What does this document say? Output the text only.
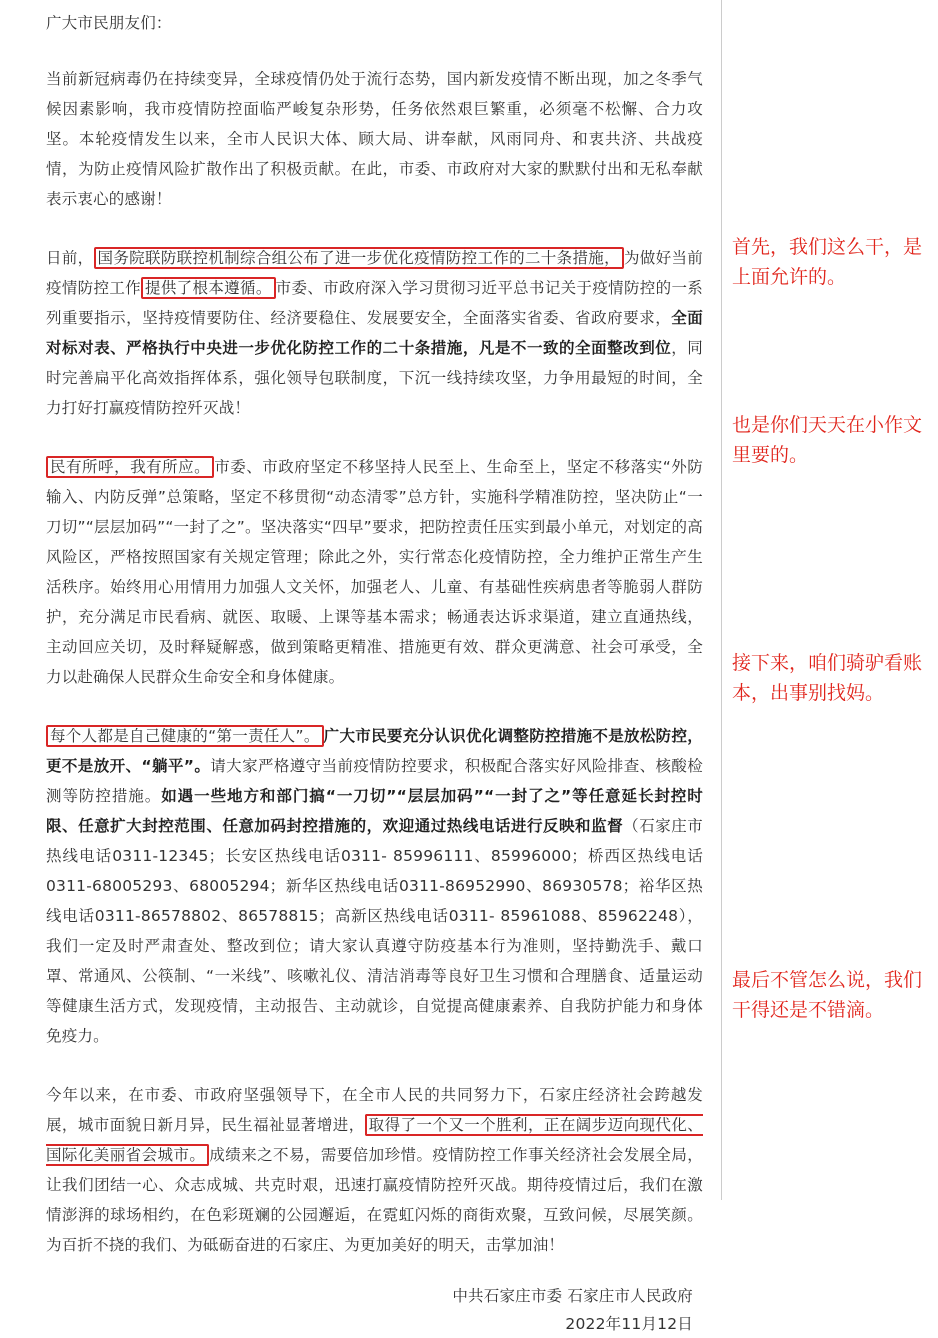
广大市民朋友们：

当前新冠病毒仍在持续变异，全球疫情仍处于流行态势，国内新发疫情不断出现，加之冬季气候因素影响，我市疫情防控面临严峻复杂形势，任务依然艰巨繁重，必须毫不松懈、合力攻坚。本轮疫情发生以来，全市人民识大体、顾大局、讲奉献，风雨同舟、和衷共济、共战疫情，为防止疫情风险扩散作出了积极贡献。在此，市委、市政府对大家的默默付出和无私奉献表示衷心的感谢！

日前， 国务院联防联控机制综合组公布了进一步优化疫情防控工作的二十条措施， 为做好当前疫情防控工作 提供了根本遵循。 市委、市政府深入学习贯彻习近平总书记关于疫情防控的一系列重要指示，坚持疫情要防住、经济要稳住、发展要安全，全面落实省委、省政府要求，全面对标对表、严格执行中央进一步优化防控工作的二十条措施，凡是不一致的全面整改到位，同时完善扁平化高效指挥体系，强化领导包联制度，下沉一线持续攻坚，力争用最短的时间，全力打好打赢疫情防控歼灭战！

民有所呼，我有所应。 市委、市政府坚定不移坚持人民至上、生命至上，坚定不移落实“外防输入、内防反弹”总策略，坚定不移贯彻“动态清零”总方针，实施科学精准防控，坚决防止“一刀切”“层层加码”“一封了之”。坚决落实“四早”要求，把防控责任压实到最小单元，对划定的高风险区，严格按照国家有关规定管理；除此之外，实行常态化疫情防控，全力维护正常生产生活秩序。始终用心用情用力加强人文关怀，加强老人、儿童、有基础性疾病患者等脆弱人群防护，充分满足市民看病、就医、取暖、上课等基本需求；畅通表达诉求渠道，建立直通热线，主动回应关切，及时释疑解惑，做到策略更精准、措施更有效、群众更满意、社会可承受，全力以赴确保人民群众生命安全和身体健康。

每个人都是自己健康的“第一责任人”。 广大市民要充分认识优化调整防控措施不是放松防控，更不是放开、“躺平”。请大家严格遵守当前疫情防控要求，积极配合落实好风险排查、核酸检测等防控措施。如遇一些地方和部门搞“一刀切”“层层加码”“一封了之”等任意延长封控时限、任意扩大封控范围、任意加码封控措施的，欢迎通过热线电话进行反映和监督（石家庄市热线电话0311-12345；长安区热线电话0311- 85996111、85996000；桥西区热线电话0311-68005293、68005294；新华区热线电话0311-86952990、86930578；裕华区热线电话0311-86578802、86578815；高新区热线电话0311- 85961088、85962248），我们一定及时严肃查处、整改到位；请大家认真遵守防疫基本行为准则，坚持勤洗手、戴口罩、常通风、公筷制、“一米线”、咳嗽礼仪、清洁消毒等良好卫生习惯和合理膳食、适量运动等健康生活方式，发现疫情，主动报告、主动就诊，自觉提高健康素养、自我防护能力和身体免疫力。

今年以来，在市委、市政府坚强领导下，在全市人民的共同努力下，石家庄经济社会跨越发展，城市面貌日新月异，民生福祉显著增进， 取得了一个又一个胜利，正在阔步迈向现代化、国际化美丽省会城市。 成绩来之不易，需要倍加珍惜。疫情防控工作事关经济社会发展全局，让我们团结一心、众志成城、共克时艰，迅速打赢疫情防控歼灭战。期待疫情过后，我们在激情澎湃的球场相约，在色彩斑斓的公园邂逅，在霓虹闪烁的商街欢聚，互致问候，尽展笑颜。为百折不挠的我们、为砥砺奋进的石家庄、为更加美好的明天，击掌加油！

中共石家庄市委 石家庄市人民政府
2022年11月12日
首先，我们这么干，是上面允许的。
也是你们天天在小作文里要的。
接下来，咱们骑驴看账本，出事别找妈。
最后不管怎么说，我们干得还是不错滴。
